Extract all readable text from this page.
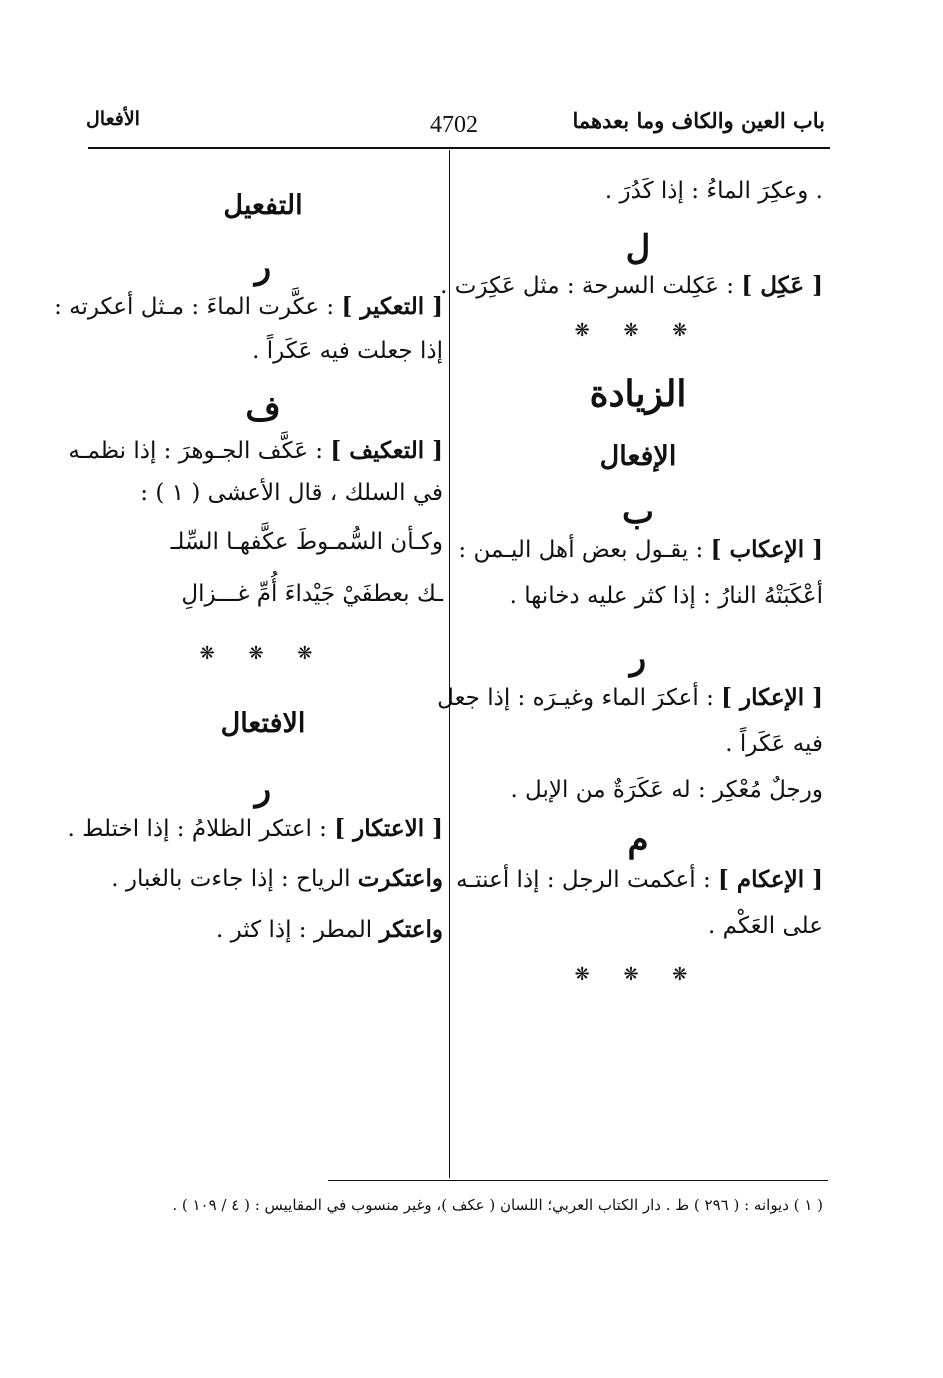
باب العين والكاف وما بعدهما
4702
الأفعال

. وعكِرَ الماءُ : إذا كَدُرَ .

ل

[ عَكِل ] : عَكِلت السرحة : مثل عَكِرَت .

❋ ❋ ❋

الزيادة

الإفعال

ب

[ الإعكاب ] : يقـول بعض أهل اليـمن :

أعْكَبَتْهُ النارُ : إذا كثر عليه دخانها .

ر

[ الإعكار ] : أعكرَ الماء وغيـرَه : إذا جعل

فيه عَكَراً .

ورجلٌ مُعْكِر : له عَكَرَةٌ من الإبل .

م

[ الإعكام ] : أعكمت الرجل : إذا أعنتـه

على العَكْم .

❋ ❋ ❋

التفعيل

ر

[ التعكير ] : عكَّرت الماءَ : مـثل أعكرته :

إذا جعلت فيه عَكَراً .

ف

[ التعكيف ] : عَكَّف الجـوهرَ : إذا نظمـه

في السلك ، قال الأعشى ( ١ ) :

وكـأن السُّمـوطَ عكَّفهـا السِّلـ

ـك بعطفَيْ جَيْداءَ أُمِّ غـــزالِ

❋ ❋ ❋

الافتعال

ر

[ الاعتكار ] : اعتكر الظلامُ : إذا اختلط .

واعتكرت الرياح : إذا جاءت بالغبار .

واعتكر المطر : إذا كثر .

( ١ ) ديوانه : ( ٢٩٦ ) ط . دار الكتاب العربي؛ اللسان ( عكف )، وغير منسوب في المقاييس : ( ٤ / ١٠٩ ) .
